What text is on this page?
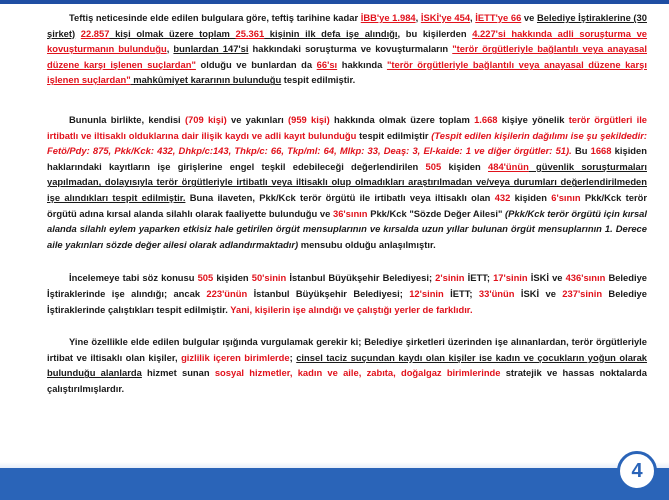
Teftiş neticesinde elde edilen bulgulara göre, teftiş tarihine kadar İBB'ye 1.984, İSKİ'ye 454, İETT'ye 66 ve Belediye İştiraklerine (30 şirket) 22.857 kişi olmak üzere toplam 25.361 kişinin ilk defa işe alındığı, bu kişilerden 4.227'si hakkında adli soruşturma ve kovuşturmanın bulunduğu, bunlardan 147'si hakkındaki soruşturma ve kovuşturmaların "terör örgütleriyle bağlantılı veya anayasal düzene karşı işlenen suçlardan" olduğu ve bunlardan da 66'sı hakkında "terör örgütleriyle bağlantılı veya anayasal düzene karşı işlenen suçlardan" mahkûmiyet kararının bulunduğu tespit edilmiştir.

Bununla birlikte, kendisi (709 kişi) ve yakınları (959 kişi) hakkında olmak üzere toplam 1.668 kişiye yönelik terör örgütleri ile irtibatlı ve iltisaklı olduklarına dair ilişik kaydı ve adli kayıt bulunduğu tespit edilmiştir (Tespit edilen kişilerin dağılımı ise şu şekildedir: Fetö/Pdy: 875, Pkk/Kck: 432, Dhkp/c:143, Thkp/c: 66, Tkp/ml: 64, Mlkp: 33, Deaş: 3, El-kaide: 1 ve diğer örgütler: 51). Bu 1668 kişiden haklarındaki kayıtların işe girişlerine engel teşkil edebileceği değerlendirilen 505 kişiden 484'ünün güvenlik soruşturmaları yapılmadan, dolayısıyla terör örgütleriyle irtibatlı veya iltisaklı olup olmadıkları araştırılmadan ve/veya durumları değerlendirilmeden işe alındıkları tespit edilmiştir. Buna ilaveten, Pkk/Kck terör örgütü ile irtibatlı veya iltisaklı olan 432 kişiden 6'sının Pkk/Kck terör örgütü adına kırsal alanda silahlı olarak faaliyette bulunduğu ve 36'sının Pkk/Kck "Sözde Değer Ailesi" (Pkk/Kck terör örgütü için kırsal alanda silahlı eylem yaparken etkisiz hale getirilen örgüt mensuplarının ve kırsalda uzun yıllar bulunan örgüt mensuplarının 1. Derece aile yakınları sözde değer ailesi olarak adlandırmaktadır) mensubu olduğu anlaşılmıştır.

İncelemeye tabi söz konusu 505 kişiden 50'sinin İstanbul Büyükşehir Belediyesi; 2'sinin İETT; 17'sinin İSKİ ve 436'sının Belediye İştiraklerinde işe alındığı; ancak 223'ünün İstanbul Büyükşehir Belediyesi; 12'sinin İETT; 33'ünün İSKİ ve 237'sinin Belediye İştiraklerinde çalıştıkları tespit edilmiştir. Yani, kişilerin işe alındığı ve çalıştığı yerler de farklıdır.

Yine özellikle elde edilen bulgular ışığında vurgulamak gerekir ki; Belediye şirketleri üzerinden işe alınanlardan, terör örgütleriyle irtibat ve iltisaklı olan kişiler, gizlilik içeren birimlerde; cinsel taciz suçundan kaydı olan kişiler ise kadın ve çocukların yoğun olarak bulunduğu alanlarda hizmet sunan sosyal hizmetler, kadın ve aile, zabıta, doğalgaz birimlerinde stratejik ve hassas noktalarda çalıştırılmışlardır.

4
